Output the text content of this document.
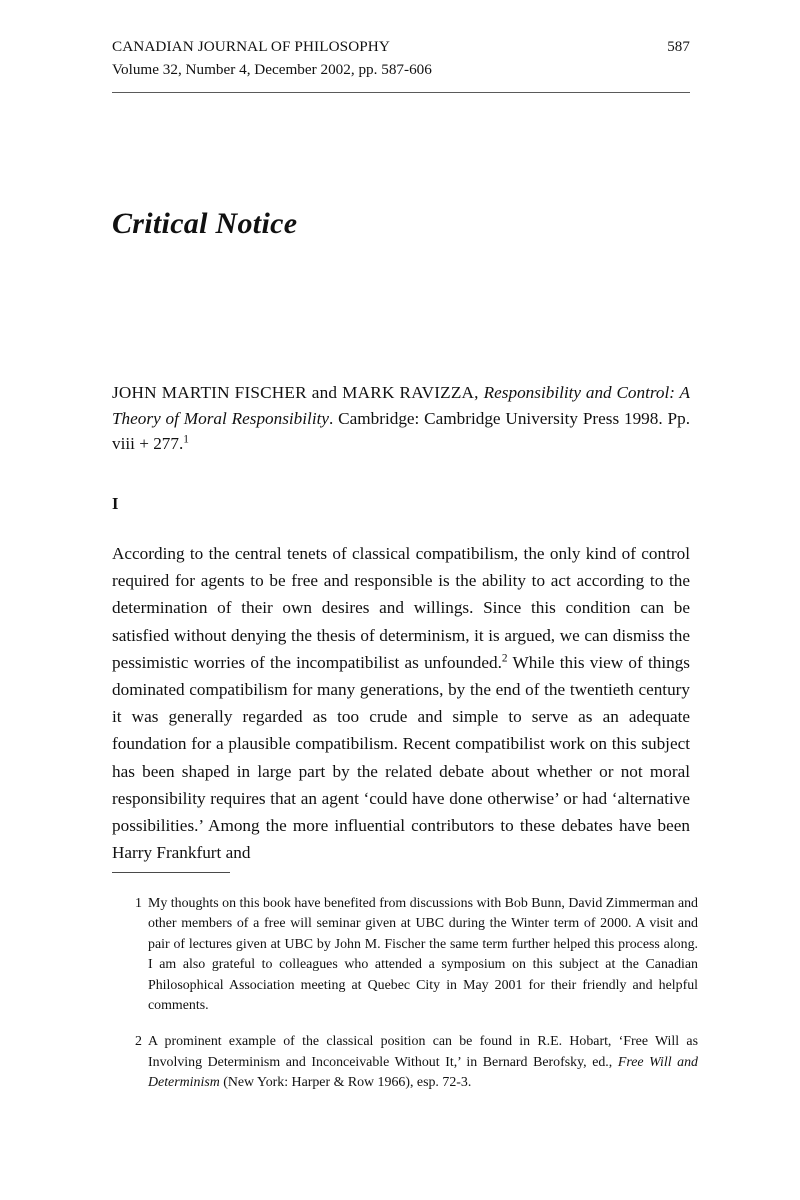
CANADIAN JOURNAL OF PHILOSOPHY	587
Volume 32, Number 4, December 2002, pp. 587-606
Critical Notice
JOHN MARTIN FISCHER and MARK RAVIZZA, Responsibility and Control: A Theory of Moral Responsibility. Cambridge: Cambridge University Press 1998. Pp. viii + 277.$^1$
I
According to the central tenets of classical compatibilism, the only kind of control required for agents to be free and responsible is the ability to act according to the determination of their own desires and willings. Since this condition can be satisfied without denying the thesis of determinism, it is argued, we can dismiss the pessimistic worries of the incompatibilist as unfounded.$^2$ While this view of things dominated compatibilism for many generations, by the end of the twentieth century it was generally regarded as too crude and simple to serve as an adequate foundation for a plausible compatibilism. Recent compatibilist work on this subject has been shaped in large part by the related debate about whether or not moral responsibility requires that an agent ‘could have done otherwise’ or had ‘alternative possibilities.’ Among the more influential contributors to these debates have been Harry Frankfurt and
1 My thoughts on this book have benefited from discussions with Bob Bunn, David Zimmerman and other members of a free will seminar given at UBC during the Winter term of 2000. A visit and pair of lectures given at UBC by John M. Fischer the same term further helped this process along. I am also grateful to colleagues who attended a symposium on this subject at the Canadian Philosophical Association meeting at Quebec City in May 2001 for their friendly and helpful comments.
2 A prominent example of the classical position can be found in R.E. Hobart, ‘Free Will as Involving Determinism and Inconceivable Without It,’ in Bernard Berofsky, ed., Free Will and Determinism (New York: Harper & Row 1966), esp. 72-3.
